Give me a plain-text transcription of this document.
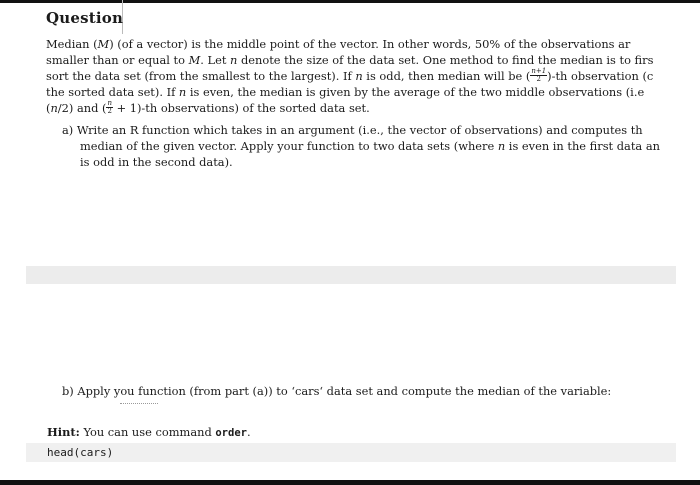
Question
Median (M) (of a vector) is the middle point of the vector. In other words, 50% of the observations ar
smaller than or equal to M. Let n denote the size of the data set. One method to find the median is to firs
sort the data set (from the smallest to the largest). If n is odd, then median will be ( $\frac{n+1}{2} )-th$ observation (c
the sorted data set). If n is even, the median is given by the average of the two middle observations (i.e
(n/2) and ( $\frac{n}{2} + 1)-th$ observations) of the sorted data set.
a) Write an R function which takes in an argument (i.e., the vector of observations) and computes th
median of the given vector. Apply your function to two data sets (where n is even in the first data an
is odd in the second data).
b) Apply you function (from part (a)) to ‘cars‘ data set and compute the median of the variable:
Hint: You can use command order.
head(cars)
